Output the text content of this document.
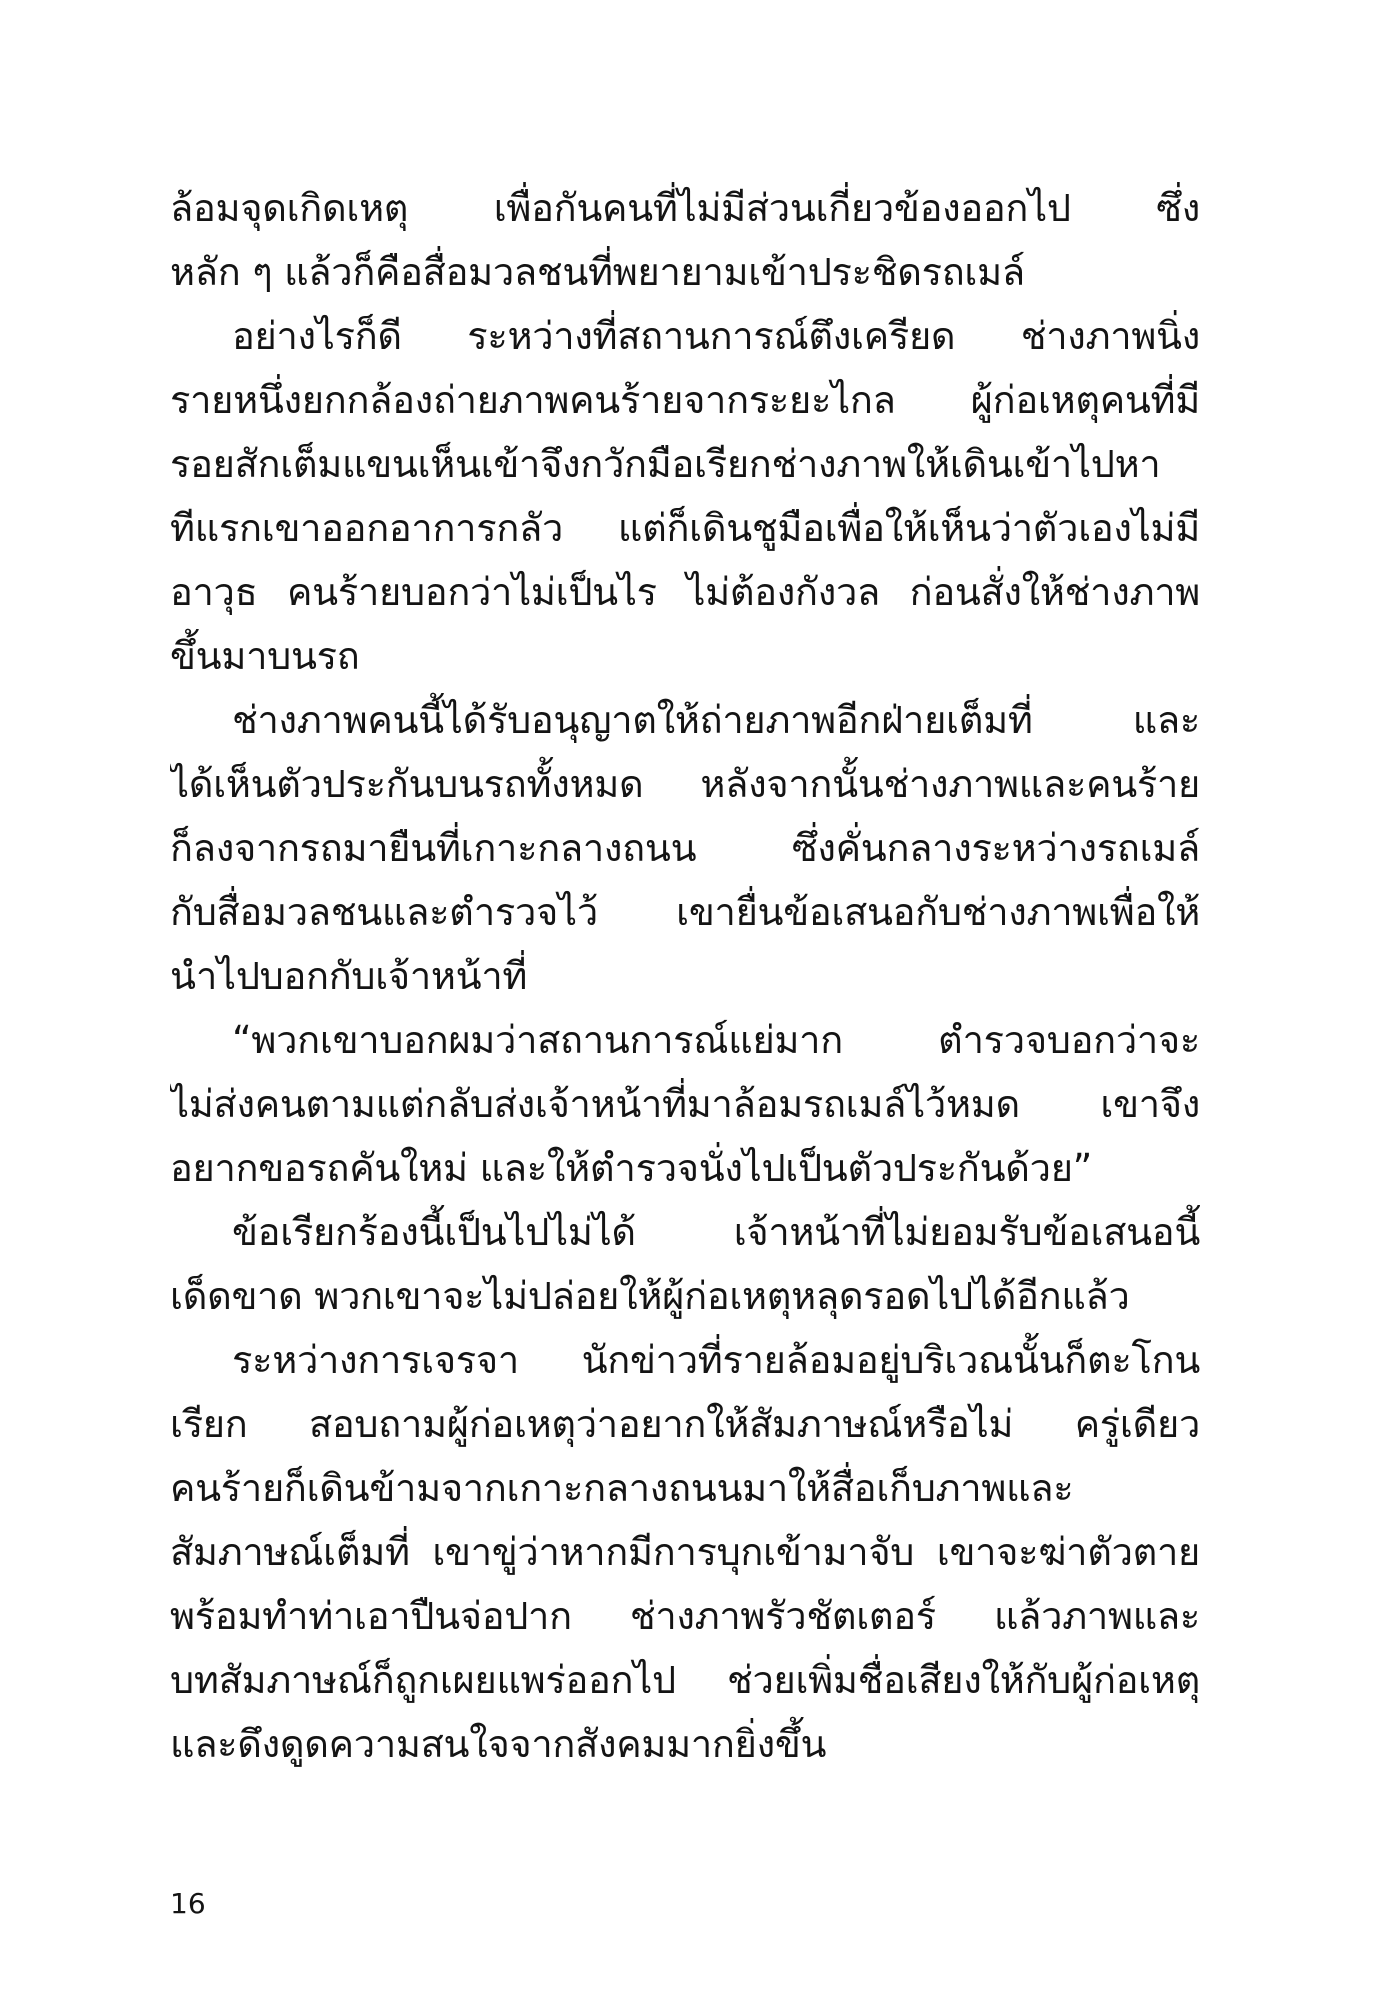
ล้อมจุดเกิดเหตุ เพื่อกันคนที่ไม่มีส่วนเกี่ยวข้องออกไป ซึ่ง
หลัก ๆ แล้วก็คือสื่อมวลชนที่พยายามเข้าประชิดรถเมล์
อย่างไรก็ดี ระหว่างที่สถานการณ์ตึงเครียด ช่างภาพนิ่ง
รายหนึ่งยกกล้องถ่ายภาพคนร้ายจากระยะไกล ผู้ก่อเหตุคนที่มี
รอยสักเต็มแขนเห็นเข้าจึงกวักมือเรียกช่างภาพให้เดินเข้าไปหา
ทีแรกเขาออกอาการกลัว แต่ก็เดินชูมือเพื่อให้เห็นว่าตัวเองไม่มี
อาวุธ คนร้ายบอกว่าไม่เป็นไร ไม่ต้องกังวล ก่อนสั่งให้ช่างภาพ
ขึ้นมาบนรถ
ช่างภาพคนนี้ได้รับอนุญาตให้ถ่ายภาพอีกฝ่ายเต็มที่ และ
ได้เห็นตัวประกันบนรถทั้งหมด หลังจากนั้นช่างภาพและคนร้าย
ก็ลงจากรถมายืนที่เกาะกลางถนน ซึ่งคั่นกลางระหว่างรถเมล์
กับสื่อมวลชนและตำรวจไว้ เขายื่นข้อเสนอกับช่างภาพเพื่อให้
นำไปบอกกับเจ้าหน้าที่
“พวกเขาบอกผมว่าสถานการณ์แย่มาก ตำรวจบอกว่าจะ
ไม่ส่งคนตามแต่กลับส่งเจ้าหน้าที่มาล้อมรถเมล์ไว้หมด เขาจึง
อยากขอรถคันใหม่ และให้ตำรวจนั่งไปเป็นตัวประกันด้วย”
ข้อเรียกร้องนี้เป็นไปไม่ได้ เจ้าหน้าที่ไม่ยอมรับข้อเสนอนี้
เด็ดขาด พวกเขาจะไม่ปล่อยให้ผู้ก่อเหตุหลุดรอดไปได้อีกแล้ว
ระหว่างการเจรจา นักข่าวที่รายล้อมอยู่บริเวณนั้นก็ตะโกน
เรียก สอบถามผู้ก่อเหตุว่าอยากให้สัมภาษณ์หรือไม่ ครู่เดียว
คนร้ายก็เดินข้ามจากเกาะกลางถนนมาให้สื่อเก็บภาพและ
สัมภาษณ์เต็มที่ เขาขู่ว่าหากมีการบุกเข้ามาจับ เขาจะฆ่าตัวตาย
พร้อมทำท่าเอาปืนจ่อปาก ช่างภาพรัวชัตเตอร์ แล้วภาพและ
บทสัมภาษณ์ก็ถูกเผยแพร่ออกไป ช่วยเพิ่มชื่อเสียงให้กับผู้ก่อเหตุ
และดึงดูดความสนใจจากสังคมมากยิ่งขึ้น
16
